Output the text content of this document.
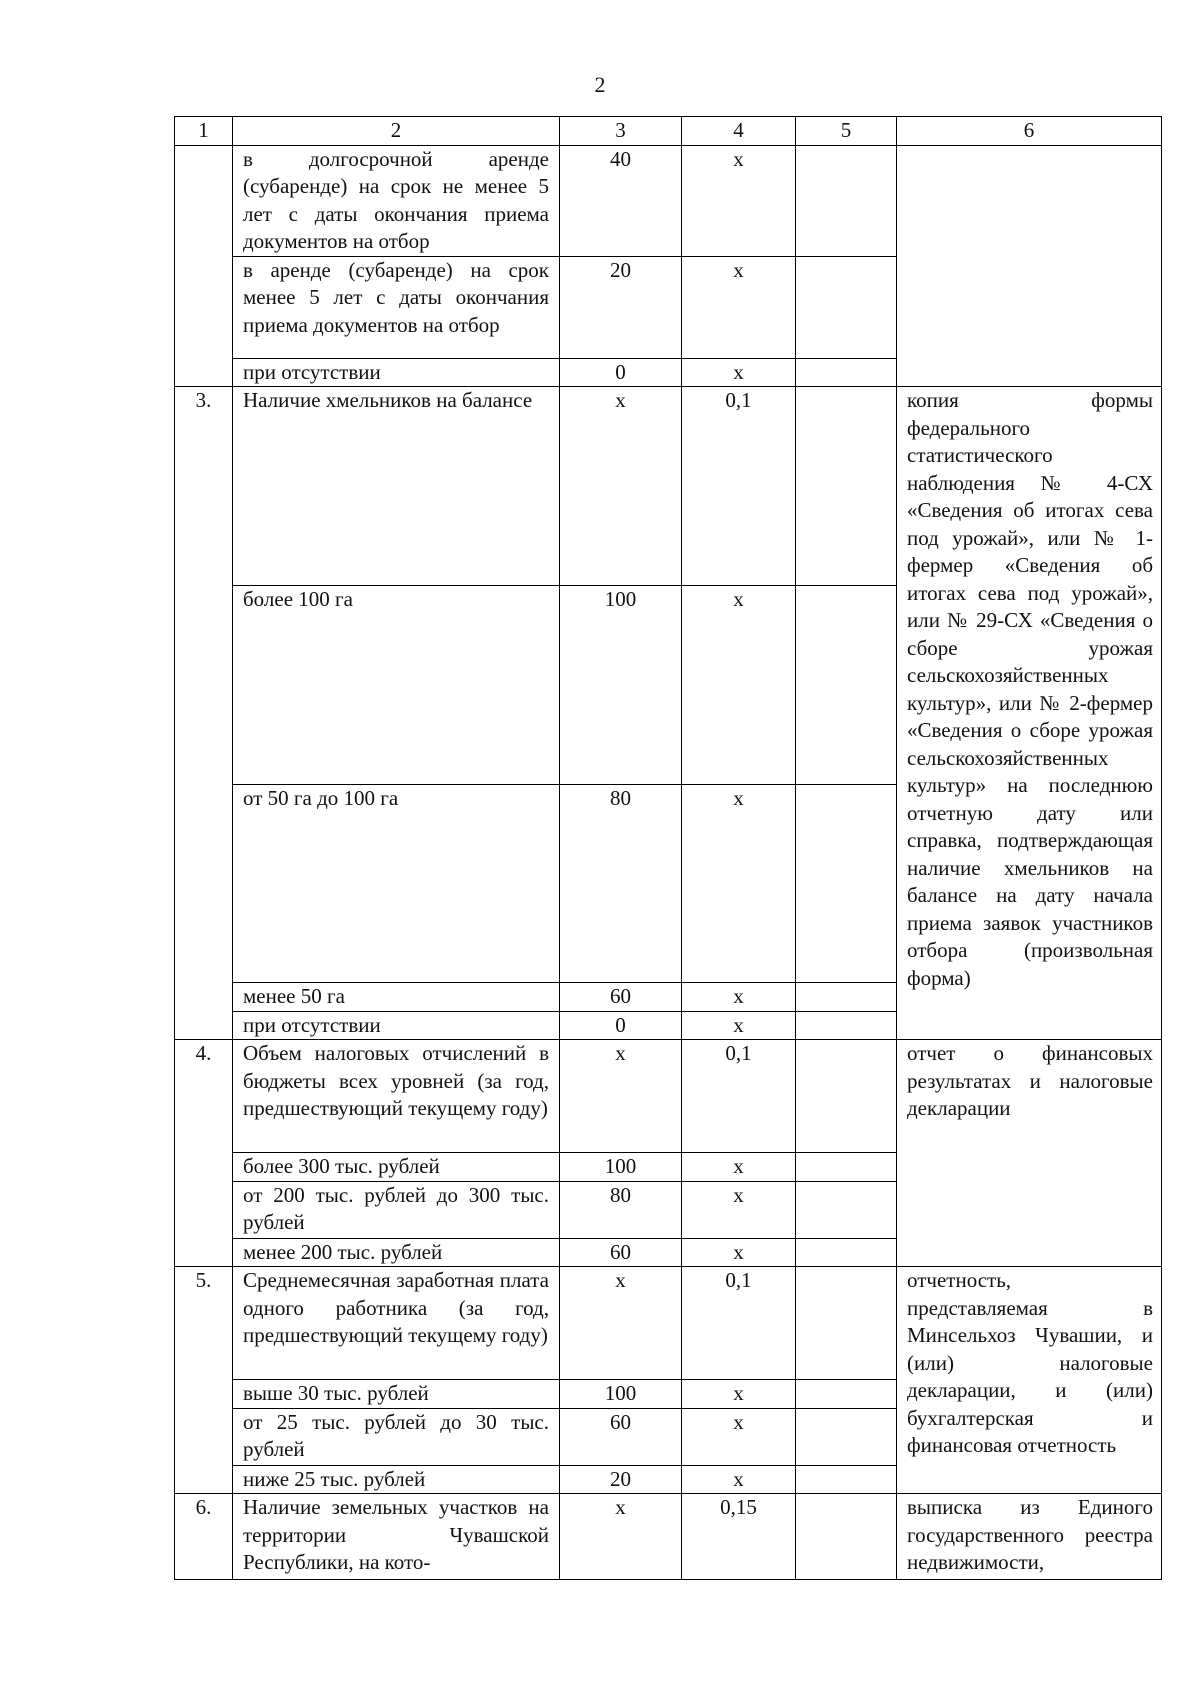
2
1	2	3	4	5	6
	в долгосрочной аренде (субаренде) на срок не менее 5 лет с даты окончания приема документов на отбор	40	х		
	в аренде (субаренде) на срок менее 5 лет с даты окончания приема документов на отбор	20	х		
	при отсутствии	0	х		
3.	Наличие хмельников на балансе	х	0,1		копия формы федерального статистического наблюдения № 4-СХ «Сведения об итогах сева под урожай», или № 1-фермер «Сведения об итогах сева под урожай», или № 29-СХ «Сведения о сборе урожая сельскохозяйственных культур», или № 2-фермер «Сведения о сборе урожая сельскохозяйственных культур» на последнюю отчетную дату или справка, подтверждающая наличие хмельников на балансе на дату начала приема заявок участников отбора (произвольная форма)
	более 100 га	100	х		
	от 50 га до 100 га	80	х		
	менее 50 га	60	х		
	при отсутствии	0	х		
4.	Объем налоговых отчислений в бюджеты всех уровней (за год, предшествующий текущему году)	х	0,1		отчет о финансовых результатах и налоговые декларации
	более 300 тыс. рублей	100	х		
	от 200 тыс. рублей до 300 тыс. рублей	80	х		
	менее 200 тыс. рублей	60	х		
5.	Среднемесячная заработная плата одного работника (за год, предшествующий текущему году)	х	0,1		отчетность, представляемая в Минсельхоз Чувашии, и (или) налоговые декларации, и (или) бухгалтерская и финансовая отчетность
	выше 30 тыс. рублей	100	х		
	от 25 тыс. рублей до 30 тыс. рублей	60	х		
	ниже 25 тыс. рублей	20	х		
6.	Наличие земельных участков на территории Чувашской Республики, на кото-	х	0,15		выписка из Единого государственного реестра недвижимости,
